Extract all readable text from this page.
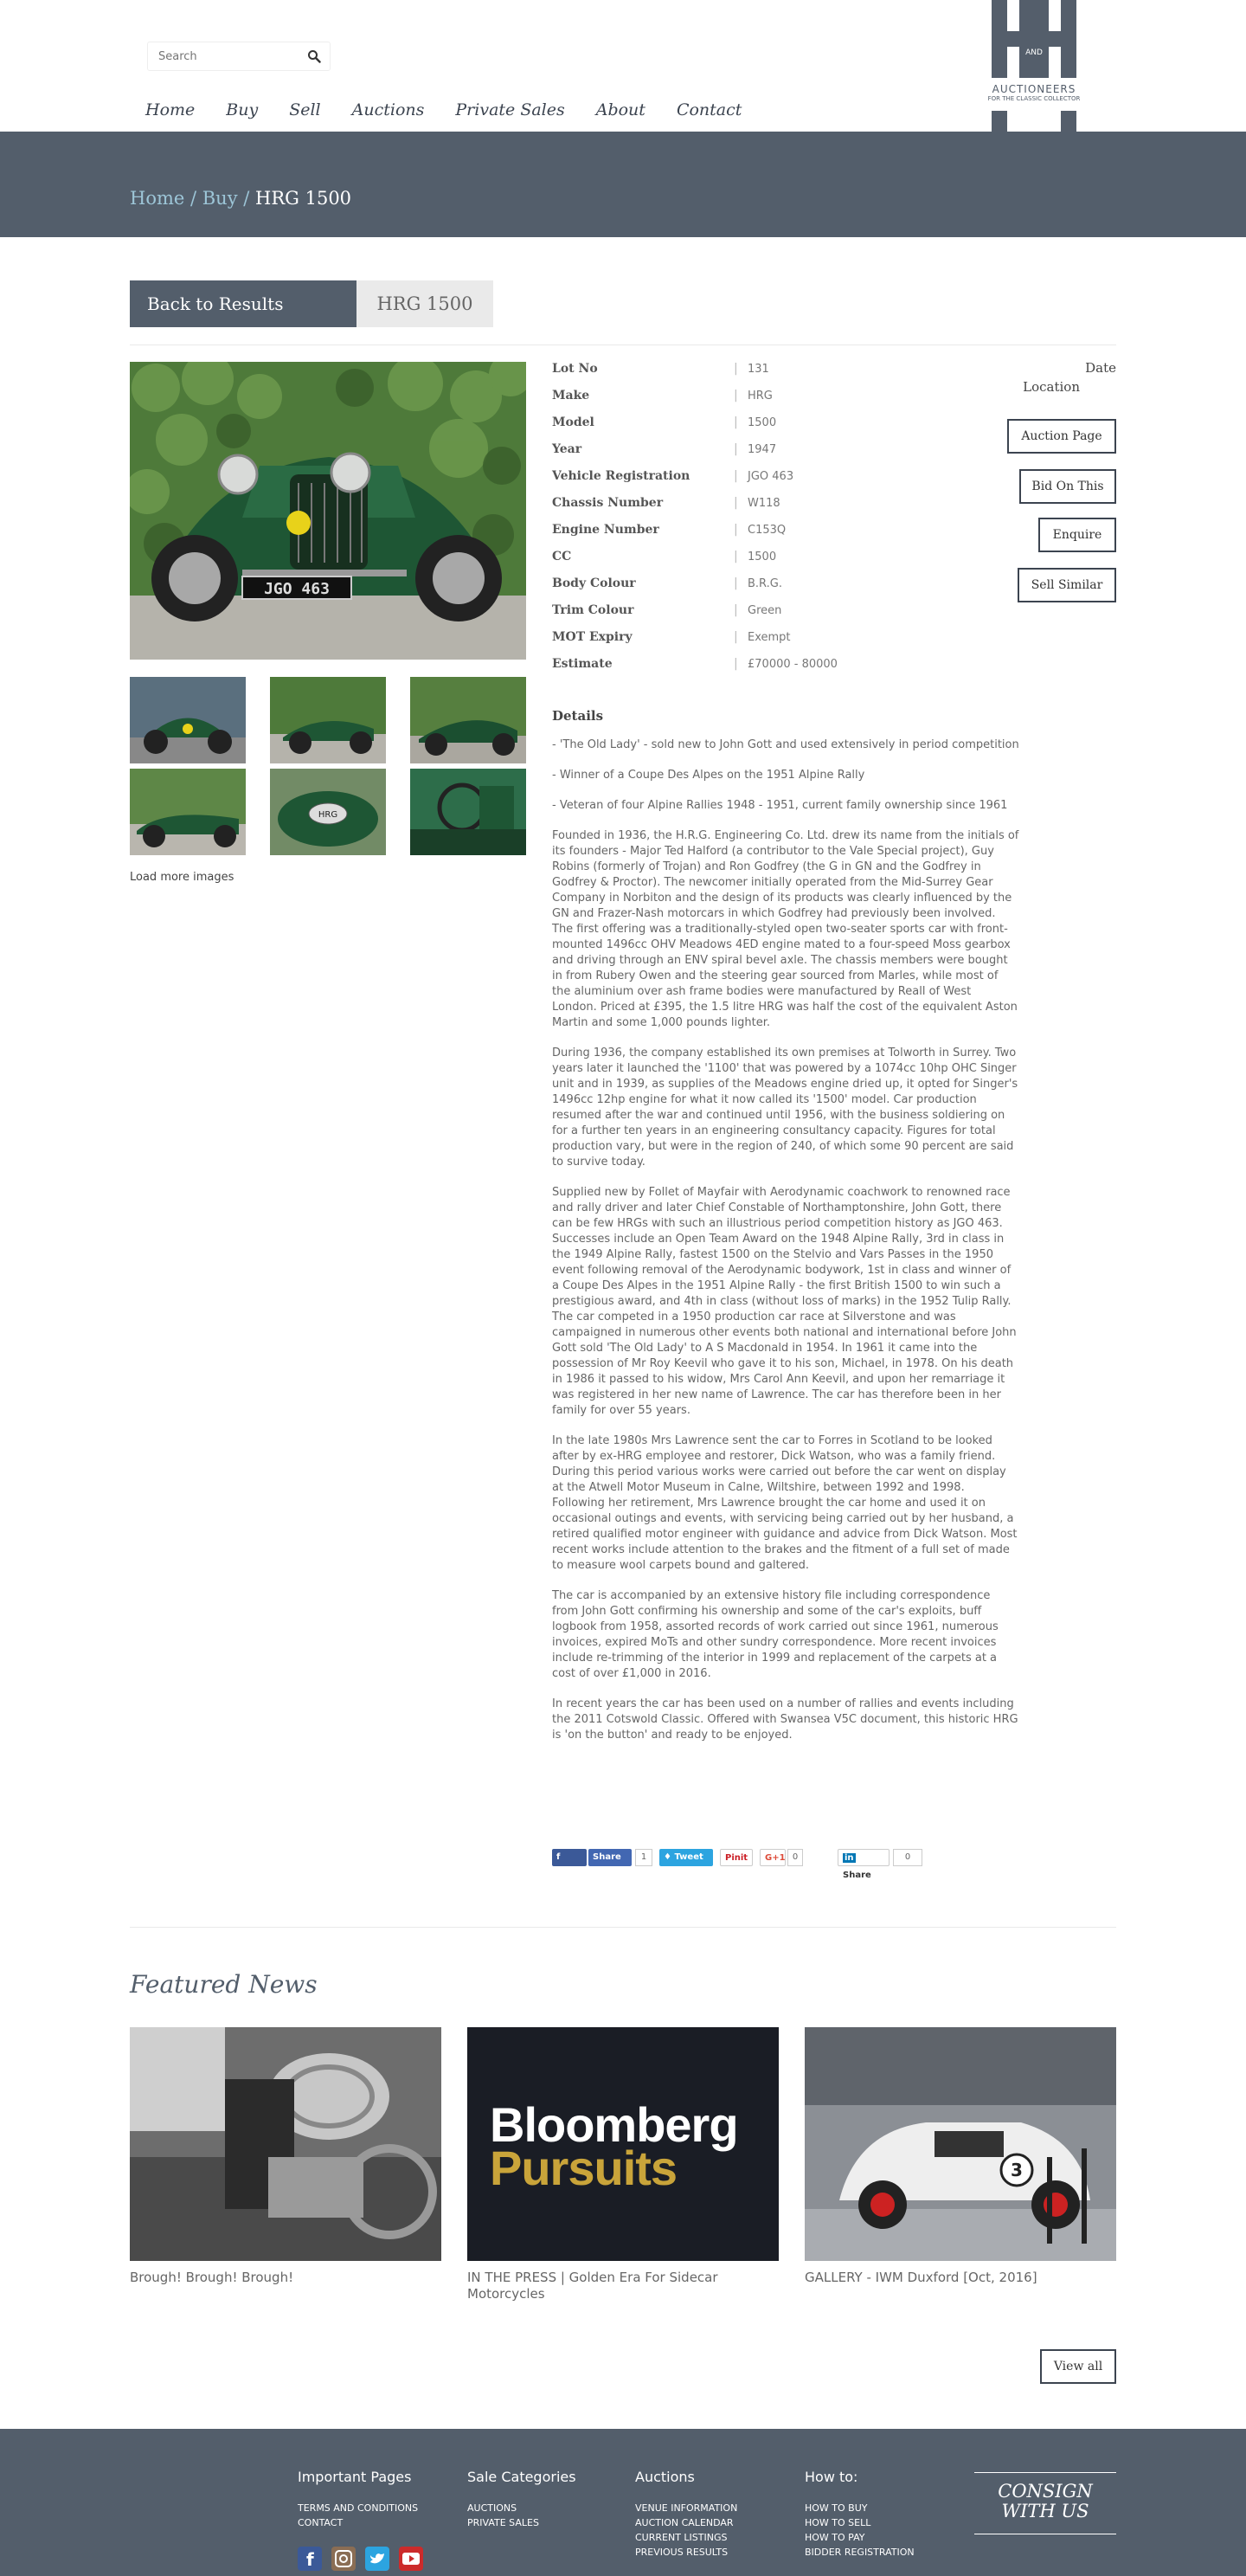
Search
Home Buy Sell Auctions Private Sales About Contact
AND
AUCTIONEERS
FOR THE CLASSIC COLLECTOR
Home / Buy / HRG 1500
Back to Results	HRG 1500
JGO 463
HRG
Load more images
Lot No	| 131
Make	| HRG
Model	| 1500
Year	| 1947
Vehicle Registration	| JGO 463
Chassis Number	| W118
Engine Number	| C153Q
CC	| 1500
Body Colour	| B.R.G.
Trim Colour	| Green
MOT Expiry	| Exempt
Estimate	| £70000 - 80000
Date
Location
Auction Page
Bid On This
Enquire
Sell Similar
Details

- 'The Old Lady' - sold new to John Gott and used extensively in period competition

- Winner of a Coupe Des Alpes on the 1951 Alpine Rally

- Veteran of four Alpine Rallies 1948 - 1951, current family ownership since 1961

Founded in 1936, the H.R.G. Engineering Co. Ltd. drew its name from the initials of its founders - Major Ted Halford (a contributor to the Vale Special project), Guy Robins (formerly of Trojan) and Ron Godfrey (the G in GN and the Godfrey in Godfrey & Proctor). The newcomer initially operated from the Mid-Surrey Gear Company in Norbiton and the design of its products was clearly influenced by the GN and Frazer-Nash motorcars in which Godfrey had previously been involved. The first offering was a traditionally-styled open two-seater sports car with front-mounted 1496cc OHV Meadows 4ED engine mated to a four-speed Moss gearbox and driving through an ENV spiral bevel axle. The chassis members were bought in from Rubery Owen and the steering gear sourced from Marles, while most of the aluminium over ash frame bodies were manufactured by Reall of West London. Priced at £395, the 1.5 litre HRG was half the cost of the equivalent Aston Martin and some 1,000 pounds lighter.

During 1936, the company established its own premises at Tolworth in Surrey. Two years later it launched the '1100' that was powered by a 1074cc 10hp OHC Singer unit and in 1939, as supplies of the Meadows engine dried up, it opted for Singer's 1496cc 12hp engine for what it now called its '1500' model. Car production resumed after the war and continued until 1956, with the business soldiering on for a further ten years in an engineering consultancy capacity. Figures for total production vary, but were in the region of 240, of which some 90 percent are said to survive today.

Supplied new by Follet of Mayfair with Aerodynamic coachwork to renowned race and rally driver and later Chief Constable of Northamptonshire, John Gott, there can be few HRGs with such an illustrious period competition history as JGO 463. Successes include an Open Team Award on the 1948 Alpine Rally, 3rd in class in the 1949 Alpine Rally, fastest 1500 on the Stelvio and Vars Passes in the 1950 event following removal of the Aerodynamic bodywork, 1st in class and winner of a Coupe Des Alpes in the 1951 Alpine Rally - the first British 1500 to win such a prestigious award, and 4th in class (without loss of marks) in the 1952 Tulip Rally. The car competed in a 1950 production car race at Silverstone and was campaigned in numerous other events both national and international before John Gott sold 'The Old Lady' to A S Macdonald in 1954. In 1961 it came into the possession of Mr Roy Keevil who gave it to his son, Michael, in 1978. On his death in 1986 it passed to his widow, Mrs Carol Ann Keevil, and upon her remarriage it was registered in her new name of Lawrence. The car has therefore been in her family for over 55 years.

In the late 1980s Mrs Lawrence sent the car to Forres in Scotland to be looked after by ex-HRG employee and restorer, Dick Watson, who was a family friend. During this period various works were carried out before the car went on display at the Atwell Motor Museum in Calne, Wiltshire, between 1992 and 1998. Following her retirement, Mrs Lawrence brought the car home and used it on occasional outings and events, with servicing being carried out by her husband, a retired qualified motor engineer with guidance and advice from Dick Watson. Most recent works include attention to the brakes and the fitment of a full set of made to measure wool carpets bound and galtered.

The car is accompanied by an extensive history file including correspondence from John Gott confirming his ownership and some of the car's exploits, buff logbook from 1958, assorted records of work carried out since 1961, numerous invoices, expired MoTs and other sundry correspondence. More recent invoices include re-trimming of the interior in 1999 and replacement of the carpets at a cost of over £1,000 in 2016.

In recent years the car has been used on a number of rallies and events including the 2011 Cotswold Classic. Offered with Swansea V5C document, this historic HRG is 'on the button' and ready to be enjoyed.

f Like
Share	1	♦ Tweet	Pinit	G+1 0	in Share
0
Featured News
Brough! Brough! Brough!
Bloomberg
Pursuits
IN THE PRESS | Golden Era For Sidecar Motorcycles
3
GALLERY - IWM Duxford [Oct, 2016]
View all
Important Pages
TERMS AND CONDITIONS
CONTACT
Sale Categories
AUCTIONS
PRIVATE SALES
Auctions
VENUE INFORMATION
AUCTION CALENDAR
CURRENT LISTINGS
PREVIOUS RESULTS
How to:
HOW TO BUY
HOW TO SELL
HOW TO PAY
BIDDER REGISTRATION
CONSIGN WITH US
f
